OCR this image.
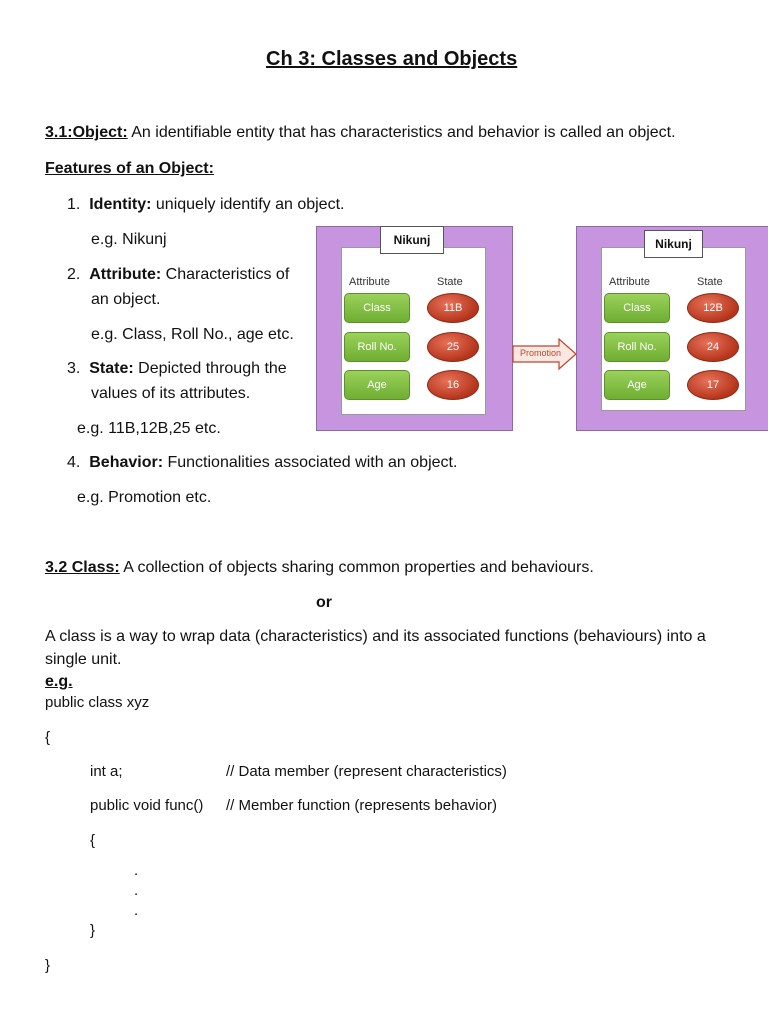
Ch 3: Classes and Objects
3.1:Object: An identifiable entity that has characteristics and behavior is called an object.
Features of an Object:
1. Identity: uniquely identify an object.
e.g. Nikunj
2. Attribute: Characteristics of
an object.
e.g. Class, Roll No., age etc.
3. State: Depicted through the
values of its attributes.
e.g. 11B,12B,25 etc.
4. Behavior: Functionalities associated with an object.
e.g. Promotion etc.
Attribute	State
Class	11B
Roll No.	25
Age	16
Nikunj
Promotion
Attribute	State
Class	12B
Roll No.	24
Age	17
Nikunj
3.2 Class: A collection of objects sharing common properties and behaviours.
or
A class is a way to wrap data (characteristics) and its associated functions (behaviours) into a
single unit.
e.g.
public class xyz
{
int a;	// Data member (represent characteristics)
public void func() // Member function (represents behavior)
{
.
.
.
}
}
